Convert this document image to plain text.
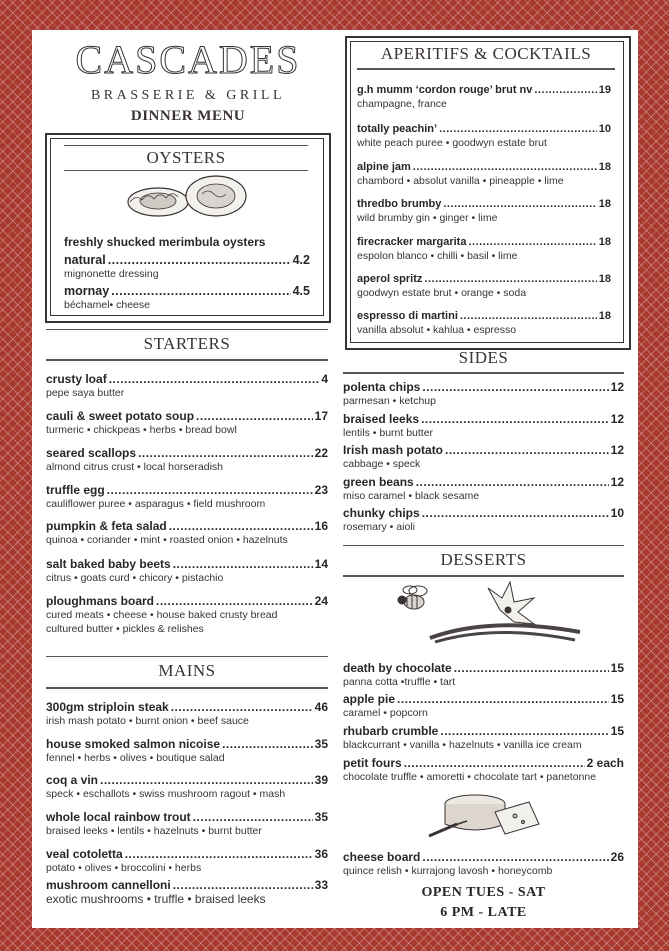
CASCADES
BRASSERIE & GRILL
DINNER MENU
OYSTERS
freshly shucked merimbula oysters
natural .....	4.2
mignonette dressing
mornay .....	4.5
béchamel• cheese
STARTERS
crusty loaf .....	4
pepe saya butter
cauli & sweet potato soup .....	17
turmeric • chickpeas • herbs • bread bowl
seared scallops .....	22
almond citrus crust • local horseradish
truffle egg .....	23
cauliflower puree • asparagus • field mushroom
pumpkin & feta salad .....	16
quinoa • coriander • mint • roasted onion • hazelnuts
salt baked baby beets .....	14
citrus • goats curd • chicory • pistachio
ploughmans board .....	24
cured meats • cheese • house baked crusty bread
cultured butter • pickles & relishes
MAINS
300gm striploin steak .....	46
irish mash potato • burnt onion • beef sauce
house smoked salmon nicoise .....	35
fennel • herbs • olives • boutique salad
coq a vin .....	39
speck • eschallots • swiss mushroom ragout • mash
whole local rainbow trout .....	35
braised leeks • lentils • hazelnuts • burnt butter
veal cotoletta .....	36
potato • olives • broccolini • herbs
mushroom cannelloni .....	33
exotic mushrooms • truffle • braised leeks
APERITIFS & COCKTAILS
g.h mumm ‘cordon rouge’ brut nv .....	19
champagne, france
totally peachin’ .....	10
white peach puree • goodwyn estate brut
alpine jam .....	18
chambord • absolut vanilla • pineapple • lime
thredbo brumby .....	18
wild brumby gin • ginger • lime
firecracker margarita .....	18
espolon blanco • chilli • basil • lime
aperol spritz .....	18
goodwyn estate brut • orange • soda
espresso di martini .....	18
vanilla absolut • kahlua • espresso
SIDES
polenta chips .....	12
parmesan • ketchup
braised leeks .....	12
lentils • burnt butter
Irish mash potato .....	12
cabbage • speck
green beans .....	12
miso caramel • black sesame
chunky chips .....	10
rosemary • aioli
DESSERTS
death by chocolate .....	15
panna cotta •truffle • tart
apple pie .....	15
caramel • popcorn
rhubarb crumble .....	15
blackcurrant • vanilla • hazelnuts • vanilla ice cream
petit fours .....	2 each
chocolate truffle • amoretti • chocolate tart • panetonne
cheese board .....	26
quince relish • kurrajong lavosh • honeycomb
OPEN TUES - SAT
6 PM - LATE
